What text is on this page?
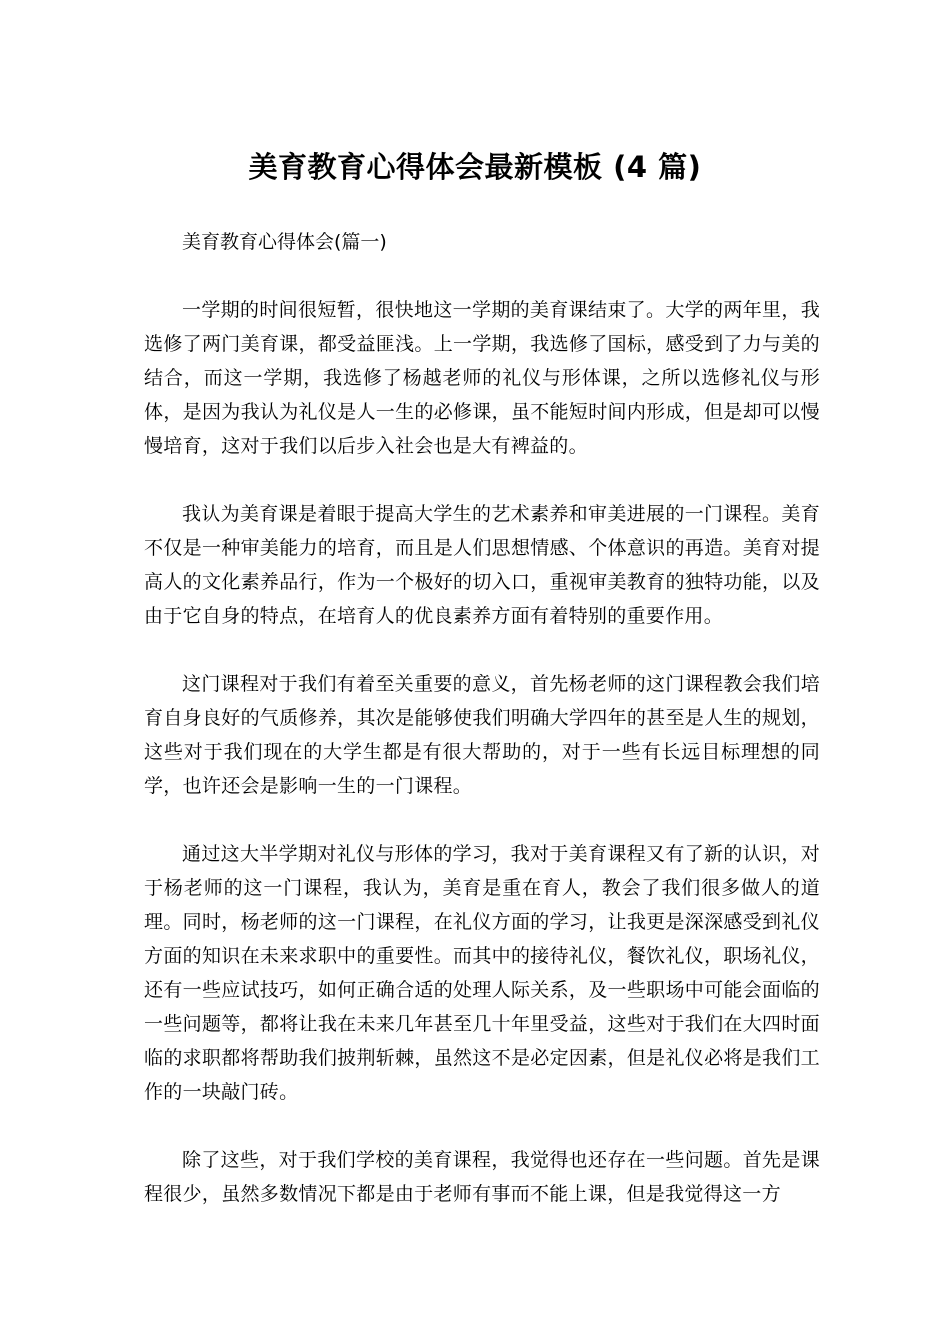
美育教育心得体会最新模板 (4 篇)
美育教育心得体会(篇一)

一学期的时间很短暂，很快地这一学期的美育课结束了。大学的两年里，我选修了两门美育课，都受益匪浅。上一学期，我选修了国标，感受到了力与美的结合，而这一学期，我选修了杨越老师的礼仪与形体课，之所以选修礼仪与形体，是因为我认为礼仪是人一生的必修课，虽不能短时间内形成，但是却可以慢慢培育，这对于我们以后步入社会也是大有裨益的。

我认为美育课是着眼于提高大学生的艺术素养和审美进展的一门课程。美育不仅是一种审美能力的培育，而且是人们思想情感、个体意识的再造。美育对提高人的文化素养品行，作为一个极好的切入口，重视审美教育的独特功能，以及由于它自身的特点，在培育人的优良素养方面有着特别的重要作用。

这门课程对于我们有着至关重要的意义，首先杨老师的这门课程教会我们培育自身良好的气质修养，其次是能够使我们明确大学四年的甚至是人生的规划，这些对于我们现在的大学生都是有很大帮助的，对于一些有长远目标理想的同学，也许还会是影响一生的一门课程。

通过这大半学期对礼仪与形体的学习，我对于美育课程又有了新的认识，对于杨老师的这一门课程，我认为，美育是重在育人，教会了我们很多做人的道理。同时，杨老师的这一门课程，在礼仪方面的学习，让我更是深深感受到礼仪方面的知识在未来求职中的重要性。而其中的接待礼仪，餐饮礼仪，职场礼仪，还有一些应试技巧，如何正确合适的处理人际关系，及一些职场中可能会面临的一些问题等，都将让我在未来几年甚至几十年里受益，这些对于我们在大四时面临的求职都将帮助我们披荆斩棘，虽然这不是必定因素，但是礼仪必将是我们工作的一块敲门砖。

除了这些，对于我们学校的美育课程，我觉得也还存在一些问题。首先是课程很少，虽然多数情况下都是由于老师有事而不能上课，但是我觉得这一方
